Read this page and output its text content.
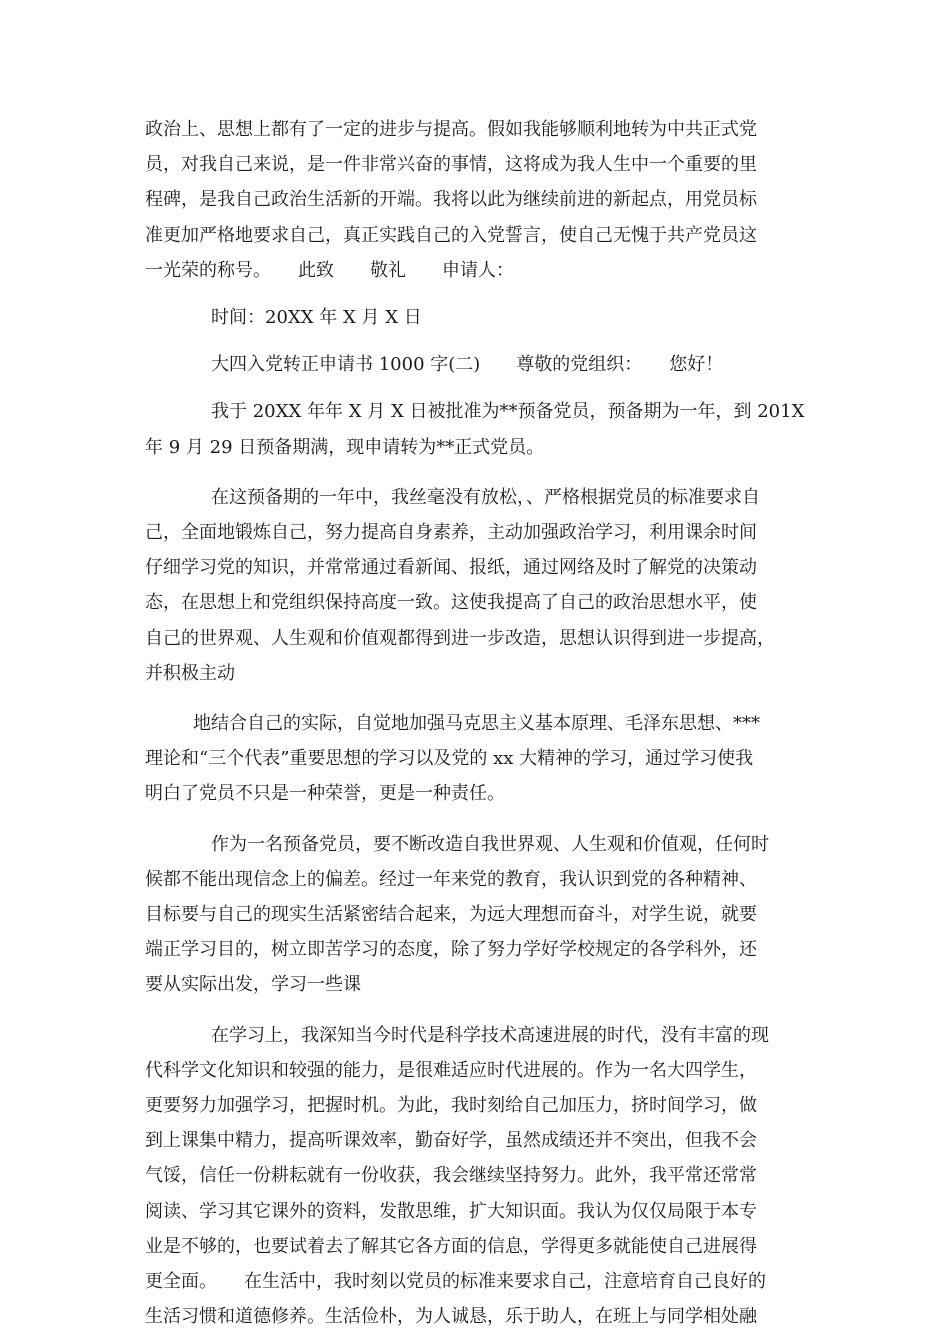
政治上、思想上都有了一定的进步与提高。假如我能够顺利地转为中共正式党
员，对我自己来说，是一件非常兴奋的事情，这将成为我人生中一个重要的里
程碑，是我自己政治生活新的开端。我将以此为继续前进的新起点，用党员标
准更加严格地要求自己，真正实践自己的入党誓言，使自己无愧于共产党员这
一光荣的称号。　　此致　　敬礼　　申请人：
时间：20XX 年 X 月 X 日
大四入党转正申请书 1000 字(二)　　尊敬的党组织：　　您好！
我于 20XX 年年 X 月 X 日被批准为**预备党员，预备期为一年，到 201X
年 9 月 29 日预备期满，现申请转为**正式党员。
在这预备期的一年中，我丝毫没有放松，、严格根据党员的标准要求自
己，全面地锻炼自己，努力提高自身素养，主动加强政治学习，利用课余时间
仔细学习党的知识，并常常通过看新闻、报纸，通过网络及时了解党的决策动
态，在思想上和党组织保持高度一致。这使我提高了自己的政治思想水平，使
自己的世界观、人生观和价值观都得到进一步改造，思想认识得到进一步提高，
并积极主动
地结合自己的实际，自觉地加强马克思主义基本原理、毛泽东思想、***
理论和“三个代表”重要思想的学习以及党的 xx 大精神的学习，通过学习使我
明白了党员不只是一种荣誉，更是一种责任。
作为一名预备党员，要不断改造自我世界观、人生观和价值观，任何时
候都不能出现信念上的偏差。经过一年来党的教育，我认识到党的各种精神、
目标要与自己的现实生活紧密结合起来，为远大理想而奋斗，对学生说，就要
端正学习目的，树立即苦学习的态度，除了努力学好学校规定的各学科外，还
要从实际出发，学习一些课
在学习上，我深知当今时代是科学技术高速进展的时代，没有丰富的现
代科学文化知识和较强的能力，是很难适应时代进展的。作为一名大四学生，
更要努力加强学习，把握时机。为此，我时刻给自己加压力，挤时间学习，做
到上课集中精力，提高听课效率，勤奋好学，虽然成绩还并不突出，但我不会
气馁，信任一份耕耘就有一份收获，我会继续坚持努力。此外，我平常还常常
阅读、学习其它课外的资料，发散思维，扩大知识面。我认为仅仅局限于本专
业是不够的，也要试着去了解其它各方面的信息，学得更多就能使自己进展得
更全面。　　在生活中，我时刻以党员的标准来要求自己，注意培育自己良好的
生活习惯和道德修养。生活俭朴，为人诚恳，乐于助人，在班上与同学相处融
